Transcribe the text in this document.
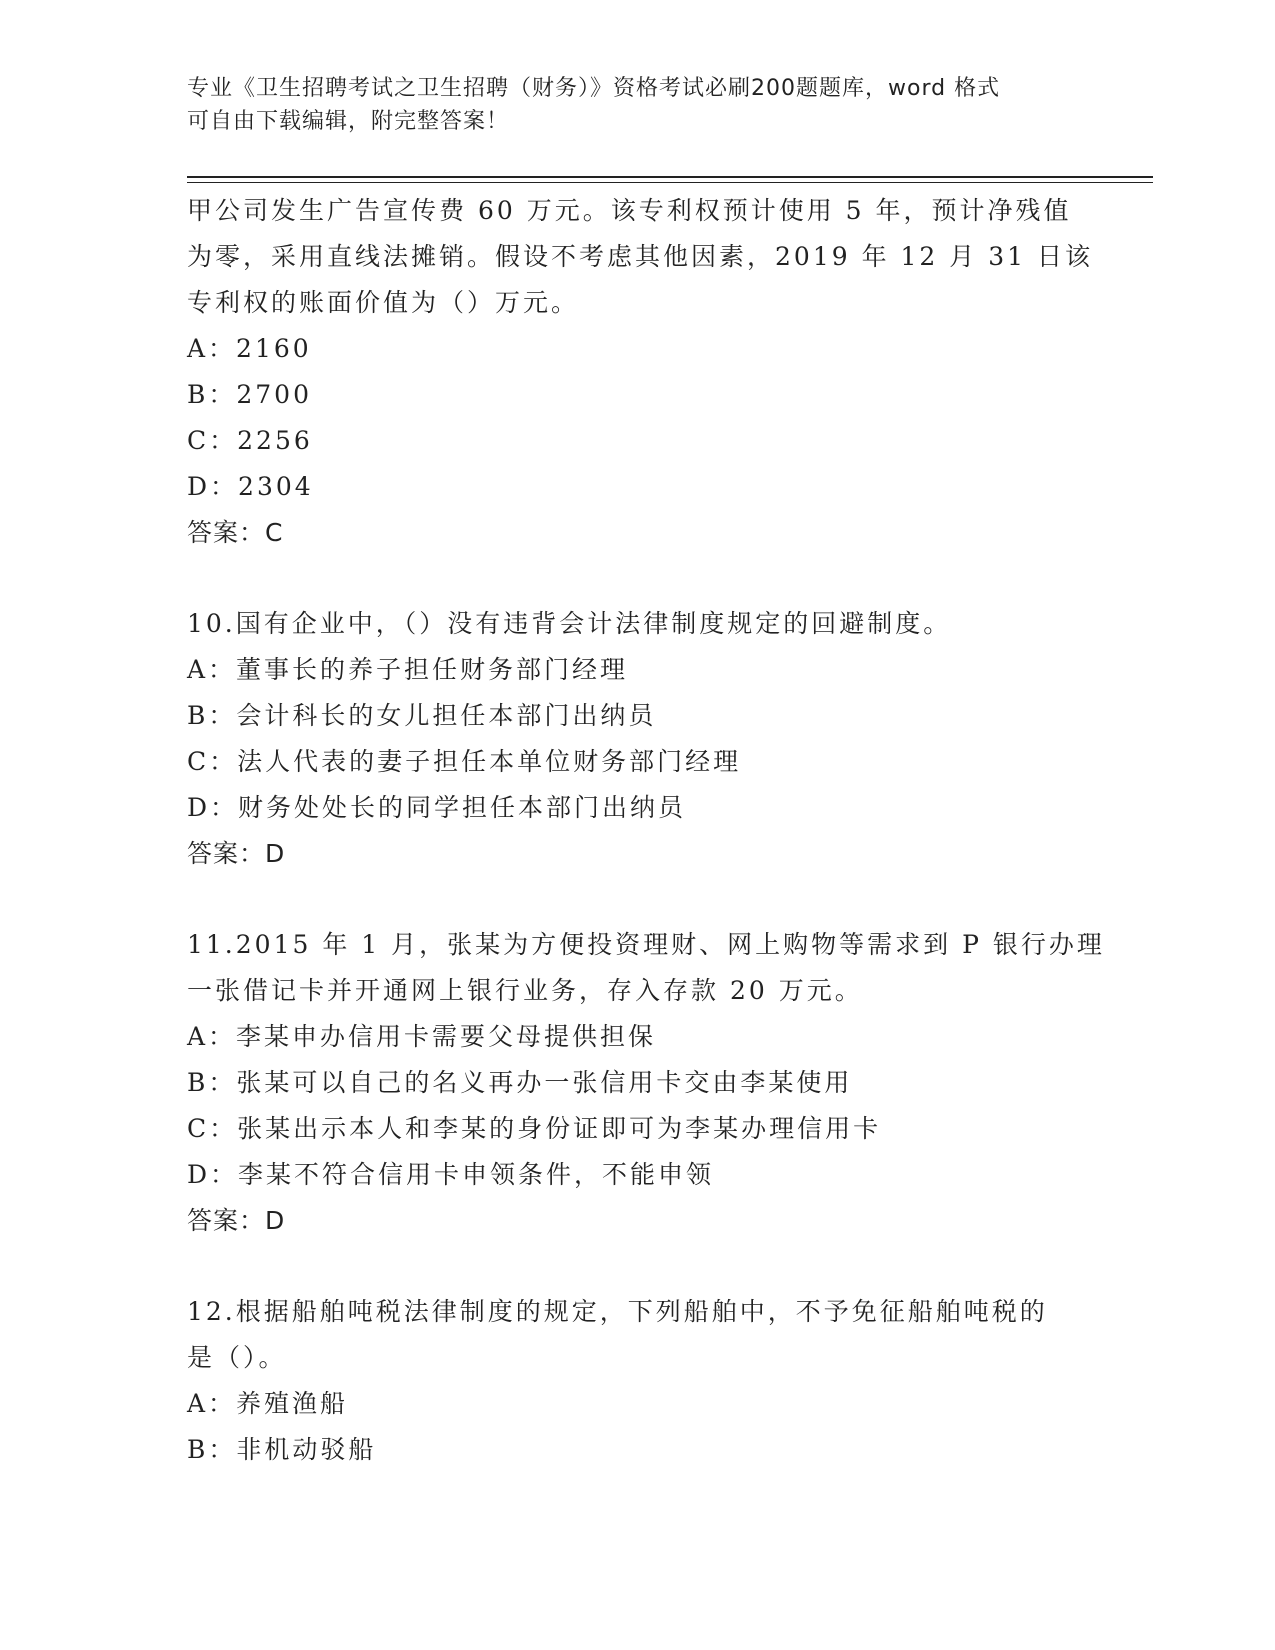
专业《卫生招聘考试之卫生招聘（财务）》资格考试必刷200题题库，word 格式
可自由下载编辑，附完整答案！
甲公司发生广告宣传费 60 万元。该专利权预计使用 5 年，预计净残值
为零，采用直线法摊销。假设不考虑其他因素，2019 年 12 月 31 日该
专利权的账面价值为（）万元。
A：2160
B：2700
C：2256
D：2304
答案：C
10.国有企业中，（）没有违背会计法律制度规定的回避制度。
A：董事长的养子担任财务部门经理
B：会计科长的女儿担任本部门出纳员
C：法人代表的妻子担任本单位财务部门经理
D：财务处处长的同学担任本部门出纳员
答案：D
11.2015 年 1 月，张某为方便投资理财、网上购物等需求到 P 银行办理
一张借记卡并开通网上银行业务，存入存款 20 万元。
A：李某申办信用卡需要父母提供担保
B：张某可以自己的名义再办一张信用卡交由李某使用
C：张某出示本人和李某的身份证即可为李某办理信用卡
D：李某不符合信用卡申领条件，不能申领
答案：D
12.根据船舶吨税法律制度的规定，下列船舶中，不予免征船舶吨税的
是（）。
A：养殖渔船
B：非机动驳船
